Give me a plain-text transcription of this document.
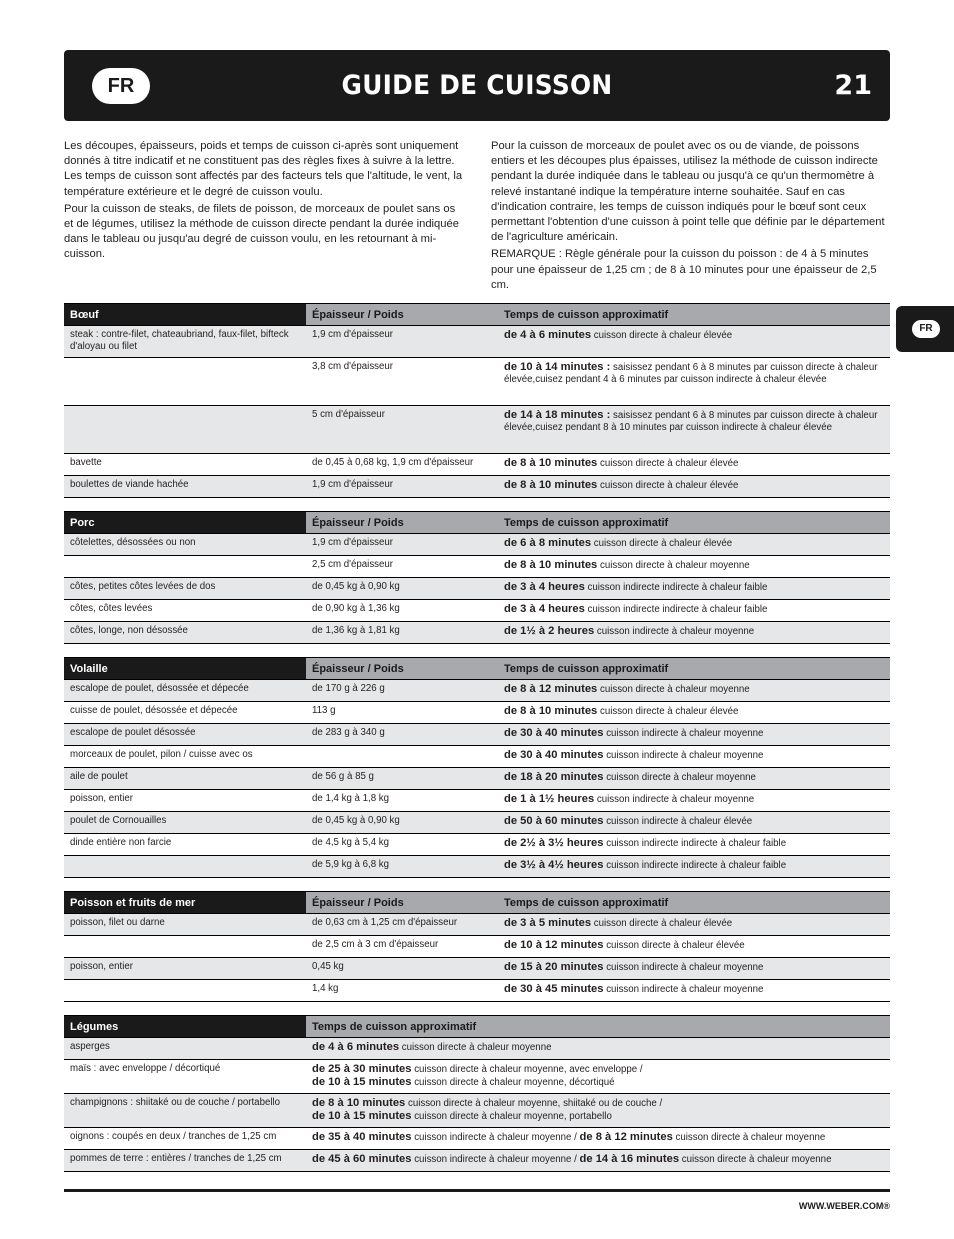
FR	GUIDE DE CUISSON	21
FR

Les découpes, épaisseurs, poids et temps de cuisson ci-après sont uniquement donnés à titre indicatif et ne constituent pas des règles fixes à suivre à la lettre. Les temps de cuisson sont affectés par des facteurs tels que l'altitude, le vent, la température extérieure et le degré de cuisson voulu.

Pour la cuisson de steaks, de filets de poisson, de morceaux de poulet sans os et de légumes, utilisez la méthode de cuisson directe pendant la durée indiquée dans le tableau ou jusqu'au degré de cuisson voulu, en les retournant à mi-cuisson.

Pour la cuisson de morceaux de poulet avec os ou de viande, de poissons entiers et les découpes plus épaisses, utilisez la méthode de cuisson indirecte pendant la durée indiquée dans le tableau ou jusqu'à ce qu'un thermomètre à relevé instantané indique la température interne souhaitée. Sauf en cas d'indication contraire, les temps de cuisson indiqués pour le bœuf sont ceux permettant l'obtention d'une cuisson à point telle que définie par le département de l'agriculture américain.

REMARQUE : Règle générale pour la cuisson du poisson : de 4 à 5 minutes pour une épaisseur de 1,25 cm ; de 8 à 10 minutes pour une épaisseur de 2,5 cm.

Bœuf	Épaisseur / Poids	Temps de cuisson approximatif
steak : contre-filet, chateaubriand, faux-filet, bifteck d'aloyau ou filet	1,9 cm d'épaisseur	de 4 à 6 minutes cuisson directe à chaleur élevée
	3,8 cm d'épaisseur	de 10 à 14 minutes : saisissez pendant 6 à 8 minutes par cuisson directe à chaleur élevée,cuisez pendant 4 à 6 minutes par cuisson indirecte à chaleur élevée
	5 cm d'épaisseur	de 14 à 18 minutes : saisissez pendant 6 à 8 minutes par cuisson directe à chaleur élevée,cuisez pendant 8 à 10 minutes par cuisson indirecte à chaleur élevée
bavette	de 0,45 à 0,68 kg, 1,9 cm d'épaisseur	de 8 à 10 minutes cuisson directe à chaleur élevée
boulettes de viande hachée	1,9 cm d'épaisseur	de 8 à 10 minutes cuisson directe à chaleur élevée
Porc	Épaisseur / Poids	Temps de cuisson approximatif
côtelettes, désossées ou non	1,9 cm d'épaisseur	de 6 à 8 minutes cuisson directe à chaleur élevée
	2,5 cm d'épaisseur	de 8 à 10 minutes cuisson directe à chaleur moyenne
côtes, petites côtes levées de dos	de 0,45 kg à 0,90 kg	de 3 à 4 heures cuisson indirecte indirecte à chaleur faible
côtes, côtes levées	de 0,90 kg à 1,36 kg	de 3 à 4 heures cuisson indirecte indirecte à chaleur faible
côtes, longe, non désossée	de 1,36 kg à 1,81 kg	de 1½ à 2 heures cuisson indirecte à chaleur moyenne
Volaille	Épaisseur / Poids	Temps de cuisson approximatif
escalope de poulet, désossée et dépecée	de 170 g à 226 g	de 8 à 12 minutes cuisson directe à chaleur moyenne
cuisse de poulet, désossée et dépecée	113 g	de 8 à 10 minutes cuisson directe à chaleur élevée
escalope de poulet désossée	de 283 g à 340 g	de 30 à 40 minutes cuisson indirecte à chaleur moyenne
morceaux de poulet, pilon / cuisse avec os		de 30 à 40 minutes cuisson indirecte à chaleur moyenne
aile de poulet	de 56 g à 85 g	de 18 à 20 minutes cuisson directe à chaleur moyenne
poisson, entier	de 1,4 kg à 1,8 kg	de 1 à 1½ heures cuisson indirecte à chaleur moyenne
poulet de Cornouailles	de 0,45 kg à 0,90 kg	de 50 à 60 minutes cuisson indirecte à chaleur élevée
dinde entière non farcie	de 4,5 kg à 5,4 kg	de 2½ à 3½ heures cuisson indirecte indirecte à chaleur faible
	de 5,9 kg à 6,8 kg	de 3½ à 4½ heures cuisson indirecte indirecte à chaleur faible
Poisson et fruits de mer	Épaisseur / Poids	Temps de cuisson approximatif
poisson, filet ou darne	de 0,63 cm à 1,25 cm d'épaisseur	de 3 à 5 minutes cuisson directe à chaleur élevée
	de 2,5 cm à 3 cm d'épaisseur	de 10 à 12 minutes cuisson directe à chaleur élevée
poisson, entier	0,45 kg	de 15 à 20 minutes cuisson indirecte à chaleur moyenne
	1,4 kg	de 30 à 45 minutes cuisson indirecte à chaleur moyenne
Légumes	Temps de cuisson approximatif
asperges	de 4 à 6 minutes cuisson directe à chaleur moyenne
maïs : avec enveloppe / décortiqué	de 25 à 30 minutes cuisson directe à chaleur moyenne, avec enveloppe /
de 10 à 15 minutes cuisson directe à chaleur moyenne, décortiqué
champignons : shiitaké ou de couche / portabello	de 8 à 10 minutes cuisson directe à chaleur moyenne, shiitaké ou de couche /
de 10 à 15 minutes cuisson directe à chaleur moyenne, portabello
oignons : coupés en deux / tranches de 1,25 cm	de 35 à 40 minutes cuisson indirecte à chaleur moyenne / de 8 à 12 minutes cuisson directe à chaleur moyenne
pommes de terre : entières / tranches de 1,25 cm	de 45 à 60 minutes cuisson indirecte à chaleur moyenne / de 14 à 16 minutes cuisson directe à chaleur moyenne
WWW.WEBER.COM®
